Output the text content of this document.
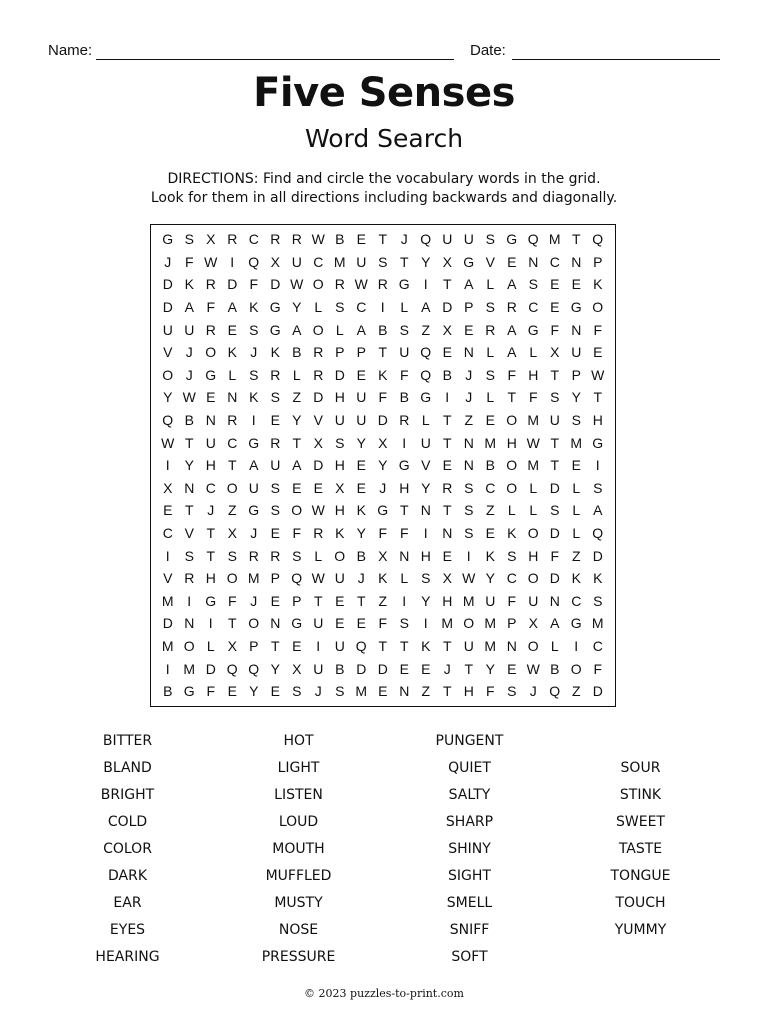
Name:	Date:
Five Senses
Word Search
DIRECTIONS: Find and circle the vocabulary words in the grid.
Look for them in all directions including backwards and diagonally.
G S X R C R R W B E T J Q U U S G Q M T Q
J F W I	Q X U C M U S T Y X G V E N C N P
D K R D F D W O R W R G	I	T A L A S E E K
D A F A K G Y L S C	I	L A D P S R C E G O
U U R E S G A O L A B S Z X E R A G F N F
V J O K J K B R P P T U Q E N L A L X U E
O J G L S R L R D E K F Q B J S F H T P W
Y W E N K S Z D H U F B G	I	J	L T F S Y T
Q B N R	I	E Y V U U D R L T Z E O M U S H
W T U C G R T X S Y X	I	U T N M H W T M G
I	Y H T A U A D H E Y G V E N B O M T E	I
X N C O U S E E X E J H Y R S C O L D L S
E T J Z G S O W H K G T N T S Z L L S L A
C V T X J E F R K Y F F	I	N S E K O D L Q
I	S T S R R S L O B X N H E	I	K S H F Z D
V R H O M P Q W U J K L S X W Y C O D K K
M I	G F J E P T E T Z	I	Y H M U F U N C S
D N	I	T O N G U E E F S	I M O M P X A G M
M O L X P T E	I	U Q T T K T U M N O L	I	C
I M D Q Q Y X U B D D E E J T Y E W B O F
B G F E Y E S J S M E N Z T H F S J Q Z D
BITTER
BLAND
BRIGHT
COLD
COLOR
DARK
EAR
EYES
HEARING
HOT
LIGHT
LISTEN
LOUD
MOUTH
MUFFLED
MUSTY
NOSE
PRESSURE
PUNGENT
QUIET
SALTY
SHARP
SHINY
SIGHT
SMELL
SNIFF
SOFT
SOUR
STINK
SWEET
TASTE
TONGUE
TOUCH
YUMMY
© 2023 puzzles-to-print.com
